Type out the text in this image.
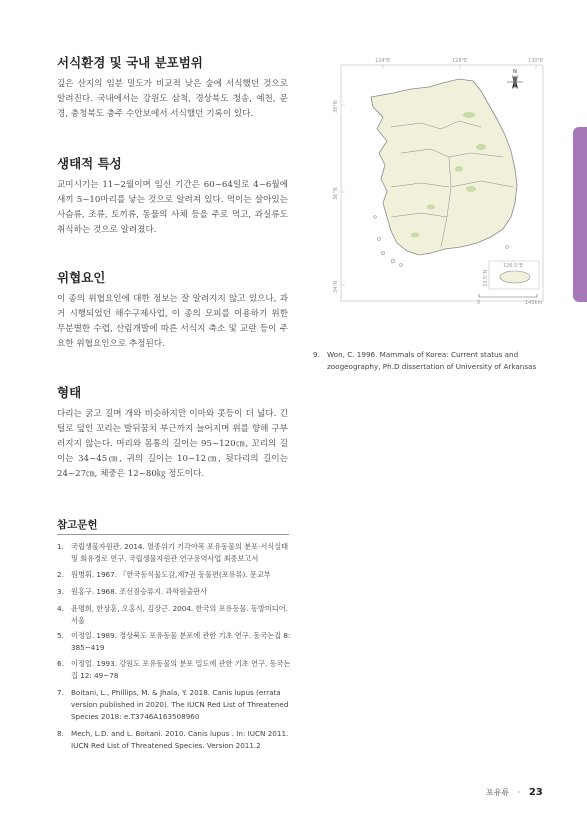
서식환경 및 국내 분포범위

깊은 산지의 임분 밀도가 비교적 낮은 숲에 서식했던 것으로 알려진다. 국내에서는 강원도 삼척, 경상북도 청송, 예천, 문경, 충청북도 충주 수안보에서 서식했던 기록이 있다.

생태적 특성

교미시기는 11~2월이며 임신 기간은 60~64일로 4~6월에 새끼 5~10마리를 낳는 것으로 알려져 있다. 먹이는 살아있는 사슴류, 조류, 토끼류, 동물의 사체 등을 주로 먹고, 과실류도 취식하는 것으로 알려졌다.

위협요인

이 종의 위협요인에 대한 정보는 잘 알려지지 않고 있으나, 과거 시행되었던 해수구제사업, 이 종의 모피를 이용하기 위한 무분별한 수렵, 산림개발에 따른 서식지 축소 및 교란 등이 주요한 위협요인으로 추정된다.

형태

다리는 굵고 길며 개와 비슷하지만 이마와 콧등이 더 넓다. 긴 털로 덮인 꼬리는 발뒤꿈치 부근까지 늘어지며 위를 향해 구부러지지 않는다. 머리와 몸통의 길이는 95~120㎝, 꼬리의 길이는 34~45㎝, 귀의 길이는 10~12㎝, 뒷다리의 길이는 24~27㎝, 체중은 12~80㎏ 정도이다.

참고문헌
1. 국립생물자원관. 2014. 멸종위기 기각아목 포유동물의 분포·서식실태 및 회유경로 연구. 국립생물자원관 연구용역사업 최종보고서
2. 원병휘. 1967. 『한국동식물도감,제7권 동물편(포유류). 문교부
3. 원홍구. 1968. 조선짐승류지. 과학원출판사
4. 윤명희, 한상훈, 오홍식, 김장근. 2004. 한국의 포유동물. 동방미디어. 서울
5. 이정일. 1989. 경상북도 포유동물 분포에 관한 기초 연구. 동국논집 8: 385~419
6. 이정일. 1993. 강원도 포유동물의 분포 밀도에 관한 기초 연구. 동국논집 12: 49~78
7. Boitani, L., Phillips, M. & Jhala, Y. 2018. Canis lupus (errata version published in 2020). The IUCN Red List of Threatened Species 2018: e.T3746A163508960
8. Mech, L.D. and L. Boitani. 2010. Canis lupus . In: IUCN 2011. IUCN Red List of Threatened Species. Version 2011.2
9. Won, C. 1996. Mammals of Korea: Current status and zoogeography, Ph.D dissertation of University of Arkansas
124°E	128°E	130°E
38°N
36°N
34°N
N
126.5°E
33.5°N
0	140km
포유류 · 23
